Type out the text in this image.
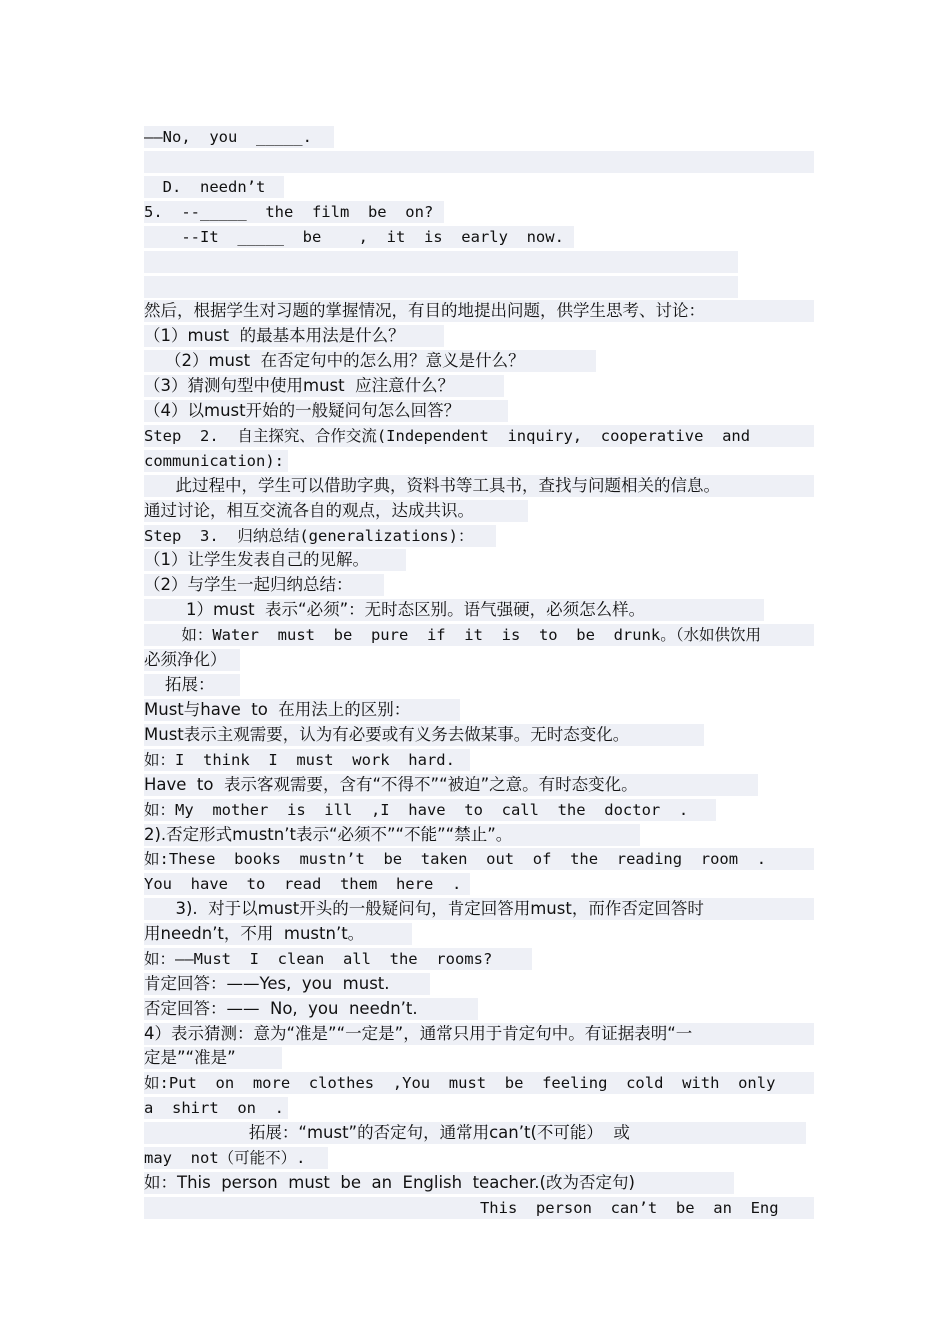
——No,  you  _____.

D.  needn’t
5.  --_____  the  film  be  on?
--It  _____  be    ,  it  is  early  now.

然后，根据学生对习题的掌握情况，有目的地提出问题，供学生思考、讨论：
（1）must  的最基本用法是什么？
（2）must  在否定句中的怎么用？意义是什么？
（3）猜测句型中使用must  应注意什么？
（4）以must开始的一般疑问句怎么回答？
Step  2.  自主探究、合作交流(Independent  inquiry,  cooperative  and
communication):
此过程中，学生可以借助字典，资料书等工具书，查找与问题相关的信息。
通过讨论，相互交流各自的观点，达成共识。
Step  3.  归纳总结(generalizations)：
（1）让学生发表自己的见解。
（2）与学生一起归纳总结：
1）must  表示“必须”：无时态区别。语气强硬，必须怎么样。
如：Water  must  be  pure  if  it  is  to  be  drunk。（水如供饮用
必须净化）
拓展：
Must与have  to  在用法上的区别：
Must表示主观需要，认为有必要或有义务去做某事。无时态变化。
如：I  think  I  must  work  hard.
Have  to  表示客观需要，含有“不得不”“被迫”之意。有时态变化。
如：My  mother  is  ill  ,I  have  to  call  the  doctor  .
2).否定形式mustn’t表示“必须不”“不能”“禁止”。
如:These  books  mustn’t  be  taken  out  of  the  reading  room  .
You  have  to  read  them  here  .
3).  对于以must开头的一般疑问句，肯定回答用must，而作否定回答时
用needn’t，不用  mustn’t。
如：——Must  I  clean  all  the  rooms?
肯定回答：——Yes,  you  must.
否定回答：——  No,  you  needn’t.
4）表示猜测：意为“准是”“一定是”，通常只用于肯定句中。有证据表明“一
定是”“准是”
如:Put  on  more  clothes  ,You  must  be  feeling  cold  with  only
a  shirt  on  .
拓展：“must”的否定句，通常用can’t(不可能）  或
may  not（可能不）.
如：This  person  must  be  an  English  teacher.(改为否定句)
This  person  can’t  be  an  Eng
